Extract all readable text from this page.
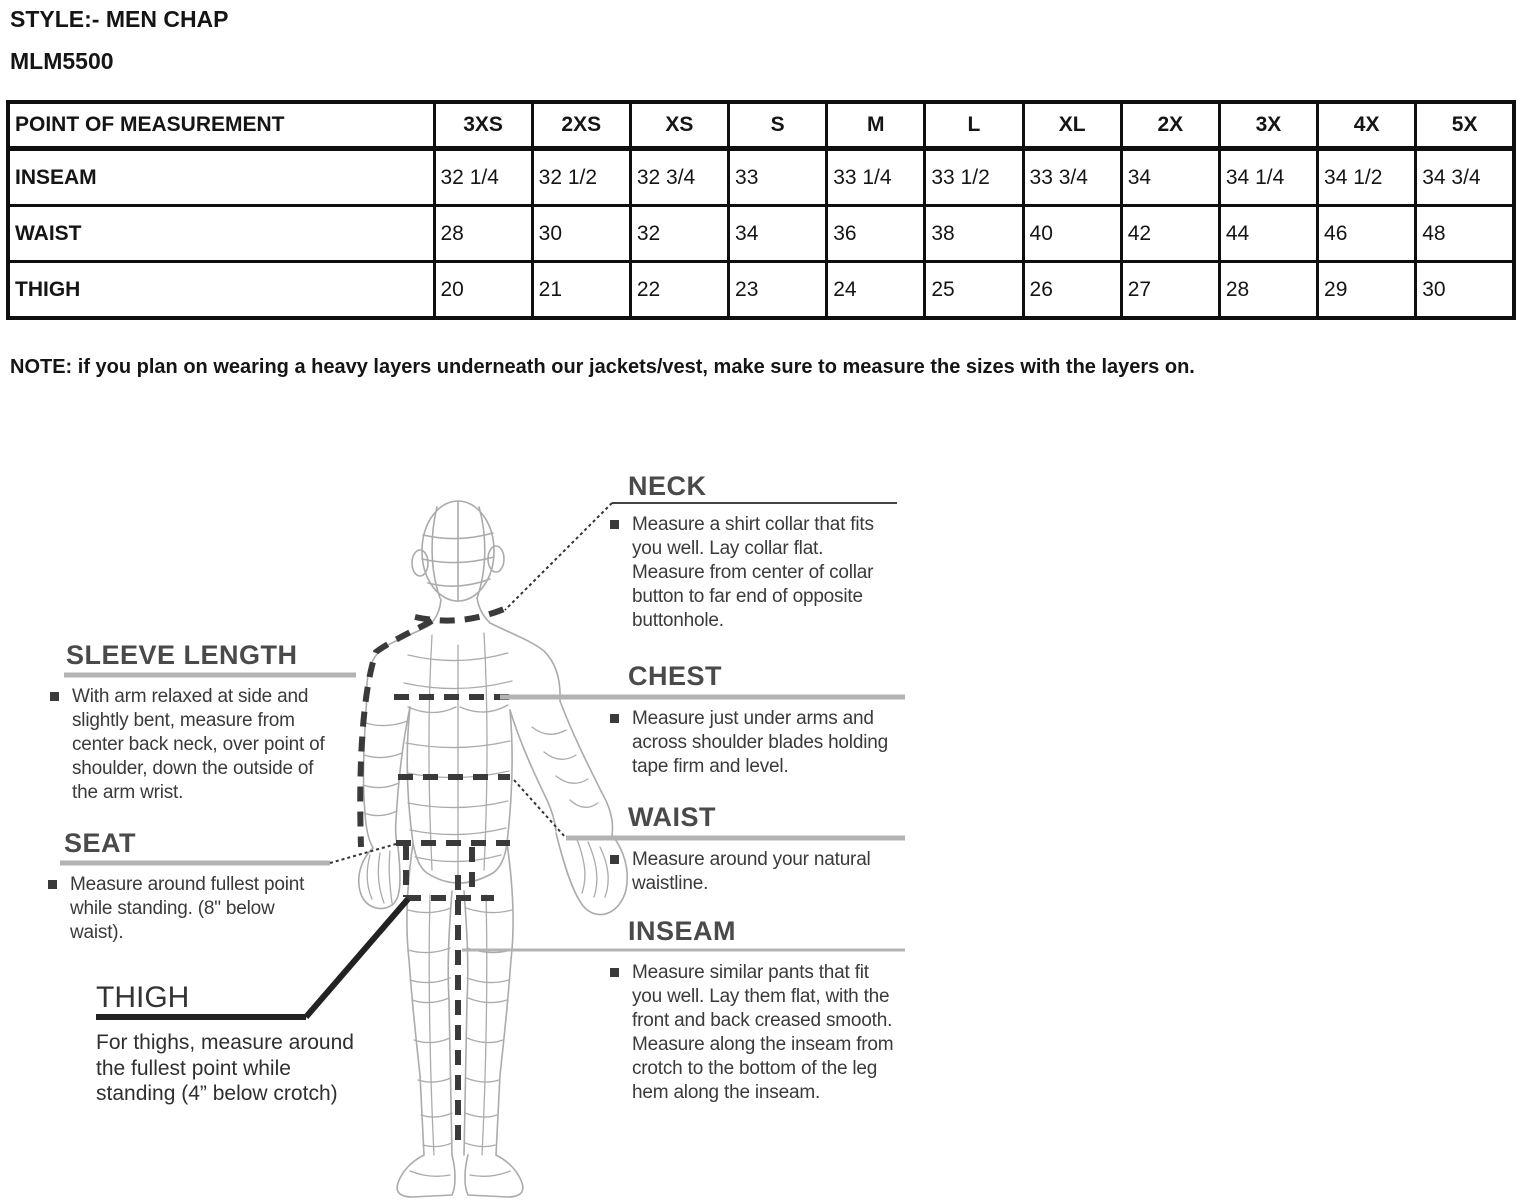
STYLE:- MEN CHAP
MLM5500
POINT OF MEASUREMENT	3XS	2XS	XS	S	M	L	XL	2X	3X	4X	5X
INSEAM	32 1/4	32 1/2	32 3/4	33	33 1/4	33 1/2	33 3/4	34	34 1/4	34 1/2	34 3/4
WAIST	28	30	32	34	36	38	40	42	44	46	48
THIGH	20	21	22	23	24	25	26	27	28	29	30
NOTE: if you plan on wearing a heavy layers underneath our jackets/vest, make sure to measure the sizes with the layers on.
NECK
Measure a shirt collar that fits you well. Lay collar flat. Measure from center of collar button to far end of opposite buttonhole.
CHEST
Measure just under arms and across shoulder blades holding tape firm and level.
WAIST
Measure around your natural waistline.
INSEAM
Measure similar pants that fit you well. Lay them flat, with the front and back creased smooth. Measure along the inseam from crotch to the bottom of the leg hem along the inseam.
SLEEVE LENGTH
With arm relaxed at side and slightly bent, measure from center back neck, over point of shoulder, down the outside of the arm wrist.
SEAT
Measure around fullest point while standing. (8" below waist).
THIGH
For thighs, measure around the fullest point while standing (4” below crotch)
